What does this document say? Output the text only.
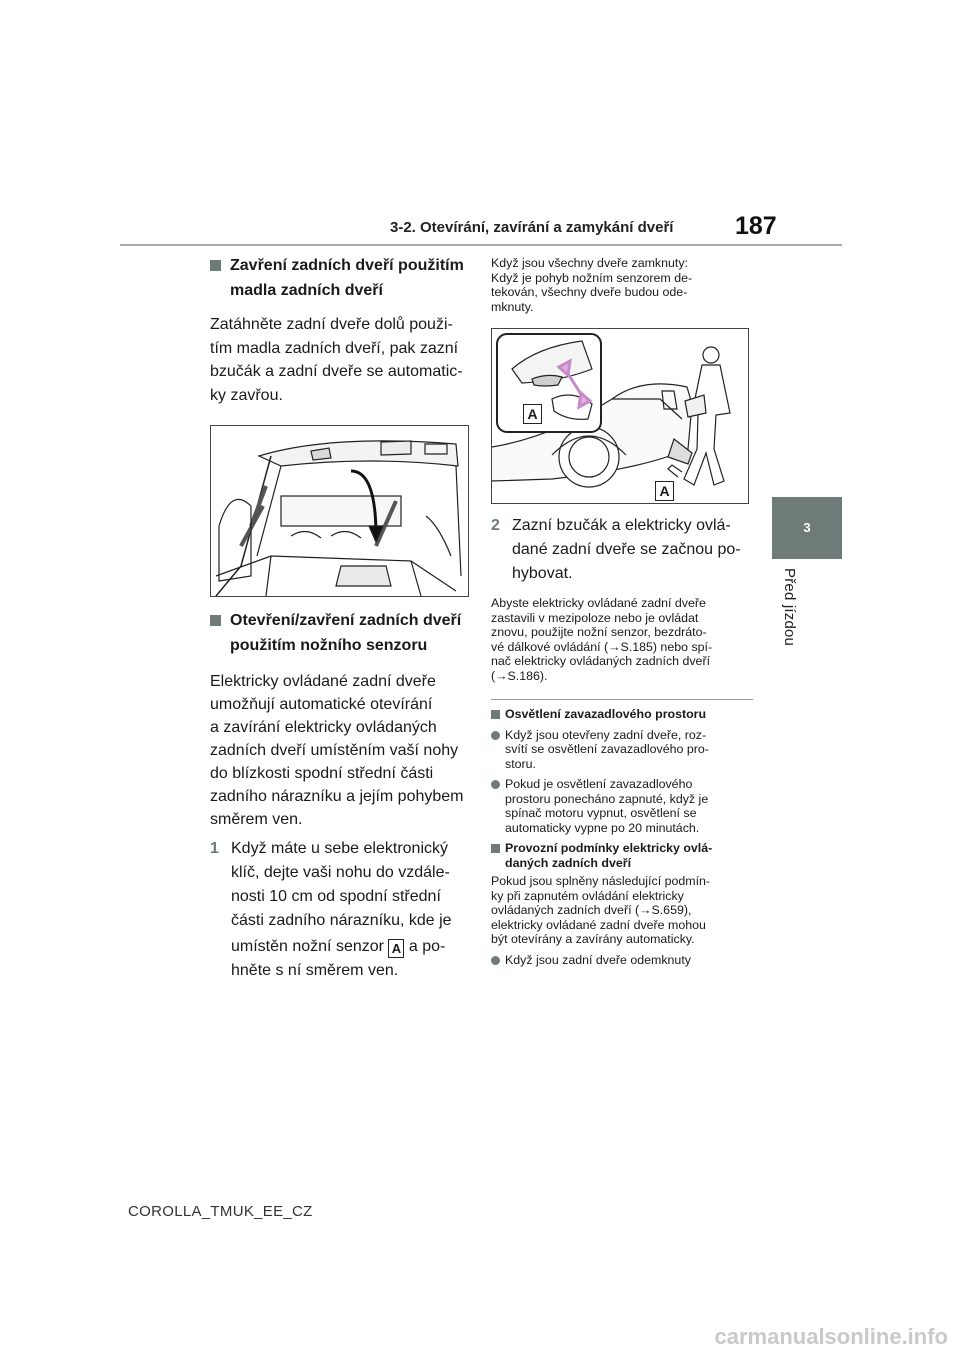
3-2. Otevírání, zavírání a zamykání dveří 187
3
Před jízdou
Zavření zadních dveří použitím madla zadních dveří
Zatáhněte zadní dveře dolů použi-
tím madla zadních dveří, pak zazní
bzučák a zadní dveře se automatic-
ky zavřou.
Otevření/zavření zadních dveří použitím nožního senzoru
Elektricky ovládané zadní dveře
umožňují automatické otevírání
a zavírání elektricky ovládaných
zadních dveří umístěním vaší nohy
do blízkosti spodní střední části
zadního nárazníku a jejím pohybem
směrem ven.
1 Když máte u sebe elektronický
klíč, dejte vaši nohu do vzdále-
nosti 10 cm od spodní střední
části zadního nárazníku, kde je
umístěn nožní senzor A a po-
hněte s ní směrem ven.
Když jsou všechny dveře zamknuty:
Když je pohyb nožním senzorem de-
tekován, všechny dveře budou ode-
mknuty.
A
A
2 Zazní bzučák a elektricky ovlá-
dané zadní dveře se začnou po-
hybovat.
Abyste elektricky ovládané zadní dveře
zastavili v mezipoloze nebo je ovládat
znovu, použijte nožní senzor, bezdráto-
vé dálkové ovládání (→S.185) nebo spí-
nač elektricky ovládaných zadních dveří
(→S.186).
Osvětlení zavazadlového prostoru
Když jsou otevřeny zadní dveře, roz-
svítí se osvětlení zavazadlového pro-
storu.
Pokud je osvětlení zavazadlového
prostoru ponecháno zapnuté, když je
spínač motoru vypnut, osvětlení se
automaticky vypne po 20 minutách.
Provozní podmínky elektricky ovlá-
daných zadních dveří
Pokud jsou splněny následující podmín-
ky při zapnutém ovládání elektricky
ovládaných zadních dveří (→S.659),
elektricky ovládané zadní dveře mohou
být otevírány a zavírány automaticky.
Když jsou zadní dveře odemknuty
COROLLA_TMUK_EE_CZ
carmanualsonline.info
